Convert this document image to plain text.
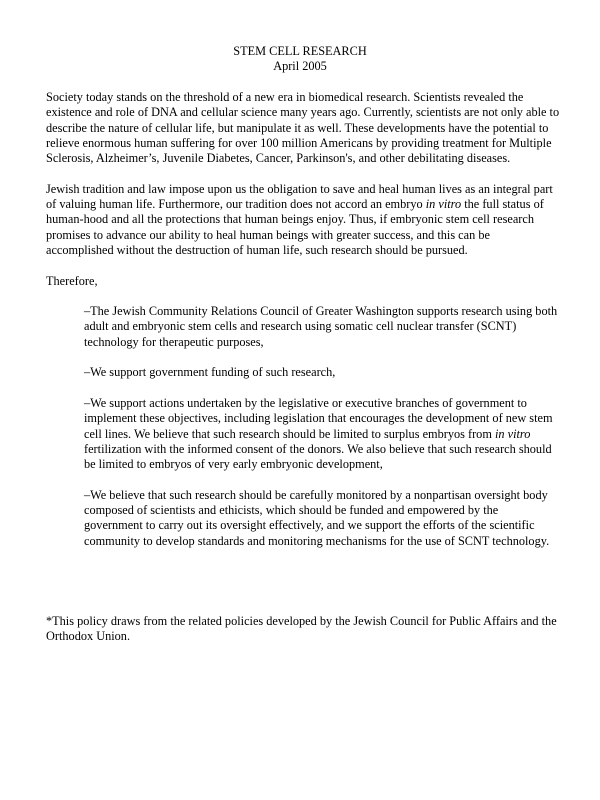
STEM CELL RESEARCH
April 2005

Society today stands on the threshold of a new era in biomedical research. Scientists revealed the existence and role of DNA and cellular science many years ago. Currently, scientists are not only able to describe the nature of cellular life, but manipulate it as well. These developments have the potential to relieve enormous human suffering for over 100 million Americans by providing treatment for Multiple Sclerosis, Alzheimer’s, Juvenile Diabetes, Cancer, Parkinson's, and other debilitating diseases.

Jewish tradition and law impose upon us the obligation to save and heal human lives as an integral part of valuing human life. Furthermore, our tradition does not accord an embryo in vitro the full status of human-hood and all the protections that human beings enjoy. Thus, if embryonic stem cell research promises to advance our ability to heal human beings with greater success, and this can be accomplished without the destruction of human life, such research should be pursued.

Therefore,

–The Jewish Community Relations Council of Greater Washington supports research using both adult and embryonic stem cells and research using somatic cell nuclear transfer (SCNT) technology for therapeutic purposes,

–We support government funding of such research,

–We support actions undertaken by the legislative or executive branches of government to implement these objectives, including legislation that encourages the development of new stem cell lines. We believe that such research should be limited to surplus embryos from in vitro fertilization with the informed consent of the donors. We also believe that such research should be limited to embryos of very early embryonic development,

–We believe that such research should be carefully monitored by a nonpartisan oversight body composed of scientists and ethicists, which should be funded and empowered by the government to carry out its oversight effectively, and we support the efforts of the scientific community to develop standards and monitoring mechanisms for the use of SCNT technology.

*This policy draws from the related policies developed by the Jewish Council for Public Affairs and the Orthodox Union.
